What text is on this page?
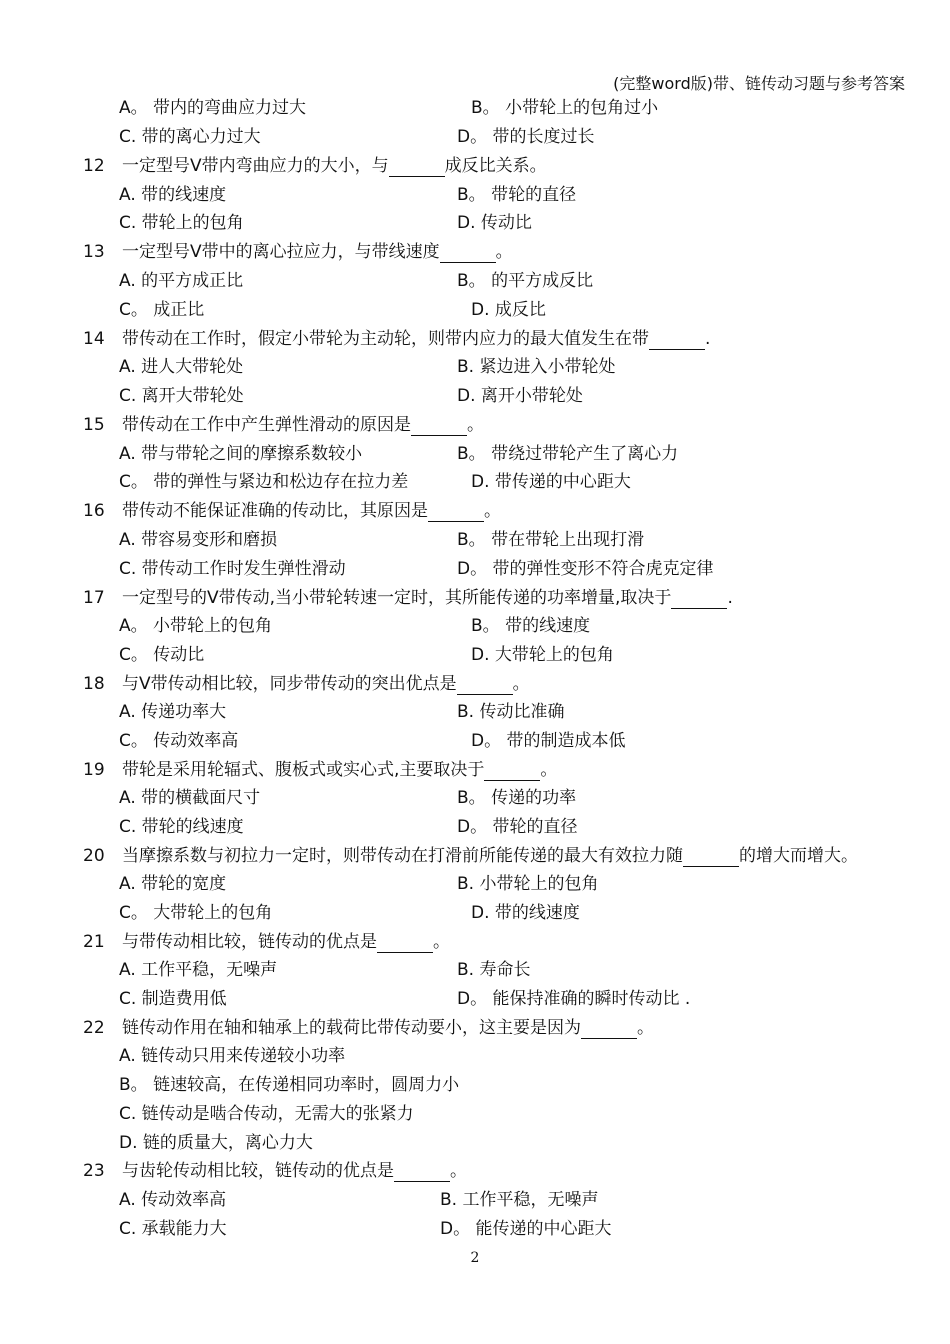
(完整word版)带、链传动习题与参考答案
A。 带内的弯曲应力过大	B。 小带轮上的包角过小
C. 带的离心力过大	D。 带的长度过长
12 一定型号V带内弯曲应力的大小，与	成反比关系。
A. 带的线速度	B。 带轮的直径
C. 带轮上的包角	D. 传动比
13 一定型号V带中的离心拉应力，与带线速度	。
A. 的平方成正比	B。 的平方成反比
C。 成正比	D. 成反比
14 带传动在工作时，假定小带轮为主动轮，则带内应力的最大值发生在带	.
A. 进人大带轮处	B. 紧边进入小带轮处
C. 离开大带轮处	D. 离开小带轮处
15 带传动在工作中产生弹性滑动的原因是	。
A. 带与带轮之间的摩擦系数较小	B。 带绕过带轮产生了离心力
C。 带的弹性与紧边和松边存在拉力差	D. 带传递的中心距大
16 带传动不能保证准确的传动比，其原因是	。
A. 带容易变形和磨损	B。 带在带轮上出现打滑
C. 带传动工作时发生弹性滑动	D。 带的弹性变形不符合虎克定律
17 一定型号的V带传动,当小带轮转速一定时，其所能传递的功率增量,取决于	.
A。 小带轮上的包角	B。 带的线速度
C。 传动比	D. 大带轮上的包角
18 与V带传动相比较，同步带传动的突出优点是	。
A. 传递功率大	B. 传动比准确
C。 传动效率高	D。 带的制造成本低
19 带轮是采用轮辐式、腹板式或实心式,主要取决于	。
A. 带的横截面尺寸	B。 传递的功率
C. 带轮的线速度	D。 带轮的直径
20 当摩擦系数与初拉力一定时，则带传动在打滑前所能传递的最大有效拉力随	的增大而增大。
A. 带轮的宽度	B. 小带轮上的包角
C。 大带轮上的包角	D. 带的线速度
21 与带传动相比较，链传动的优点是	。
A. 工作平稳，无噪声	B. 寿命长
C. 制造费用低	D。 能保持准确的瞬时传动比 .
22 链传动作用在轴和轴承上的载荷比带传动要小，这主要是因为	。
A. 链传动只用来传递较小功率
B。 链速较高，在传递相同功率时，圆周力小
C. 链传动是啮合传动，无需大的张紧力
D. 链的质量大，离心力大
23 与齿轮传动相比较，链传动的优点是	。
A. 传动效率高	B. 工作平稳，无噪声
C. 承载能力大	D。 能传递的中心距大
2
